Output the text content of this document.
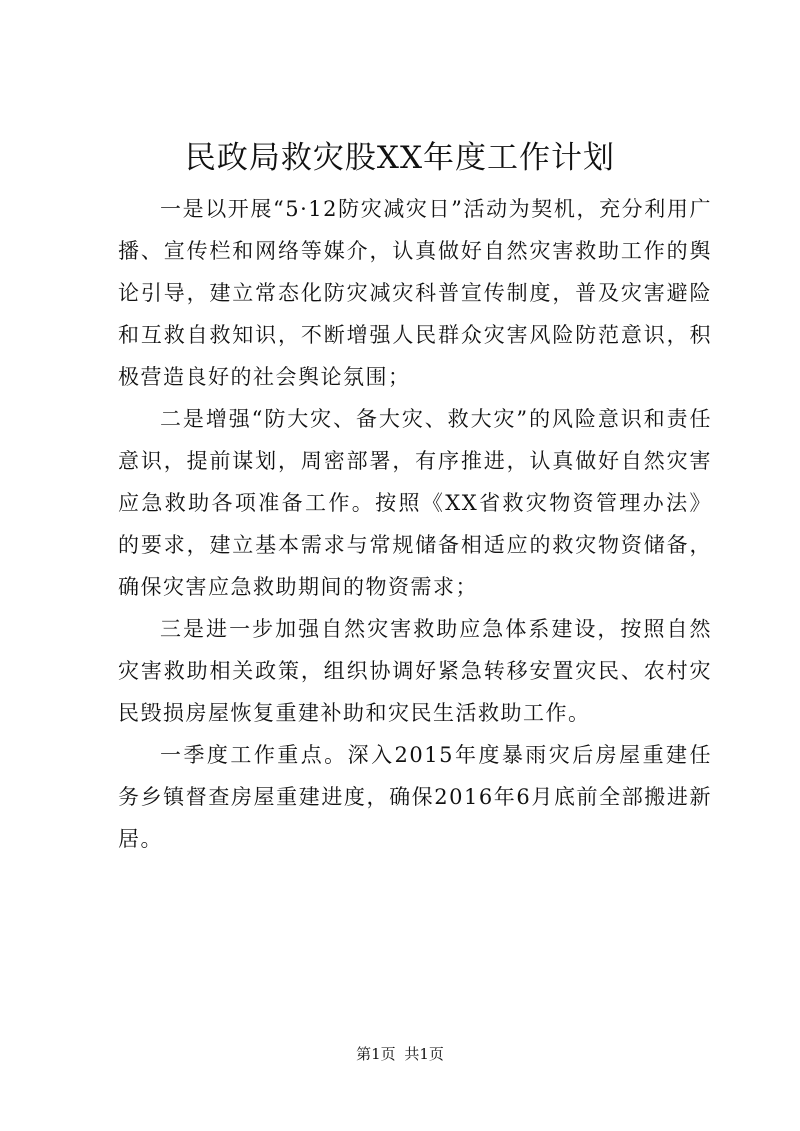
民政局救灾股XX年度工作计划

一是以开展“5·12防灾减灾日”活动为契机，充分利用广播、宣传栏和网络等媒介，认真做好自然灾害救助工作的舆论引导，建立常态化防灾减灾科普宣传制度，普及灾害避险和互救自救知识，不断增强人民群众灾害风险防范意识，积极营造良好的社会舆论氛围；

二是增强“防大灾、备大灾、救大灾”的风险意识和责任意识，提前谋划，周密部署，有序推进，认真做好自然灾害应急救助各项准备工作。按照《XX省救灾物资管理办法》的要求，建立基本需求与常规储备相适应的救灾物资储备，确保灾害应急救助期间的物资需求；

三是进一步加强自然灾害救助应急体系建设，按照自然灾害救助相关政策，组织协调好紧急转移安置灾民、农村灾民毁损房屋恢复重建补助和灾民生活救助工作。

一季度工作重点。深入2015年度暴雨灾后房屋重建任务乡镇督查房屋重建进度，确保2016年6月底前全部搬进新居。

第1页 共1页
